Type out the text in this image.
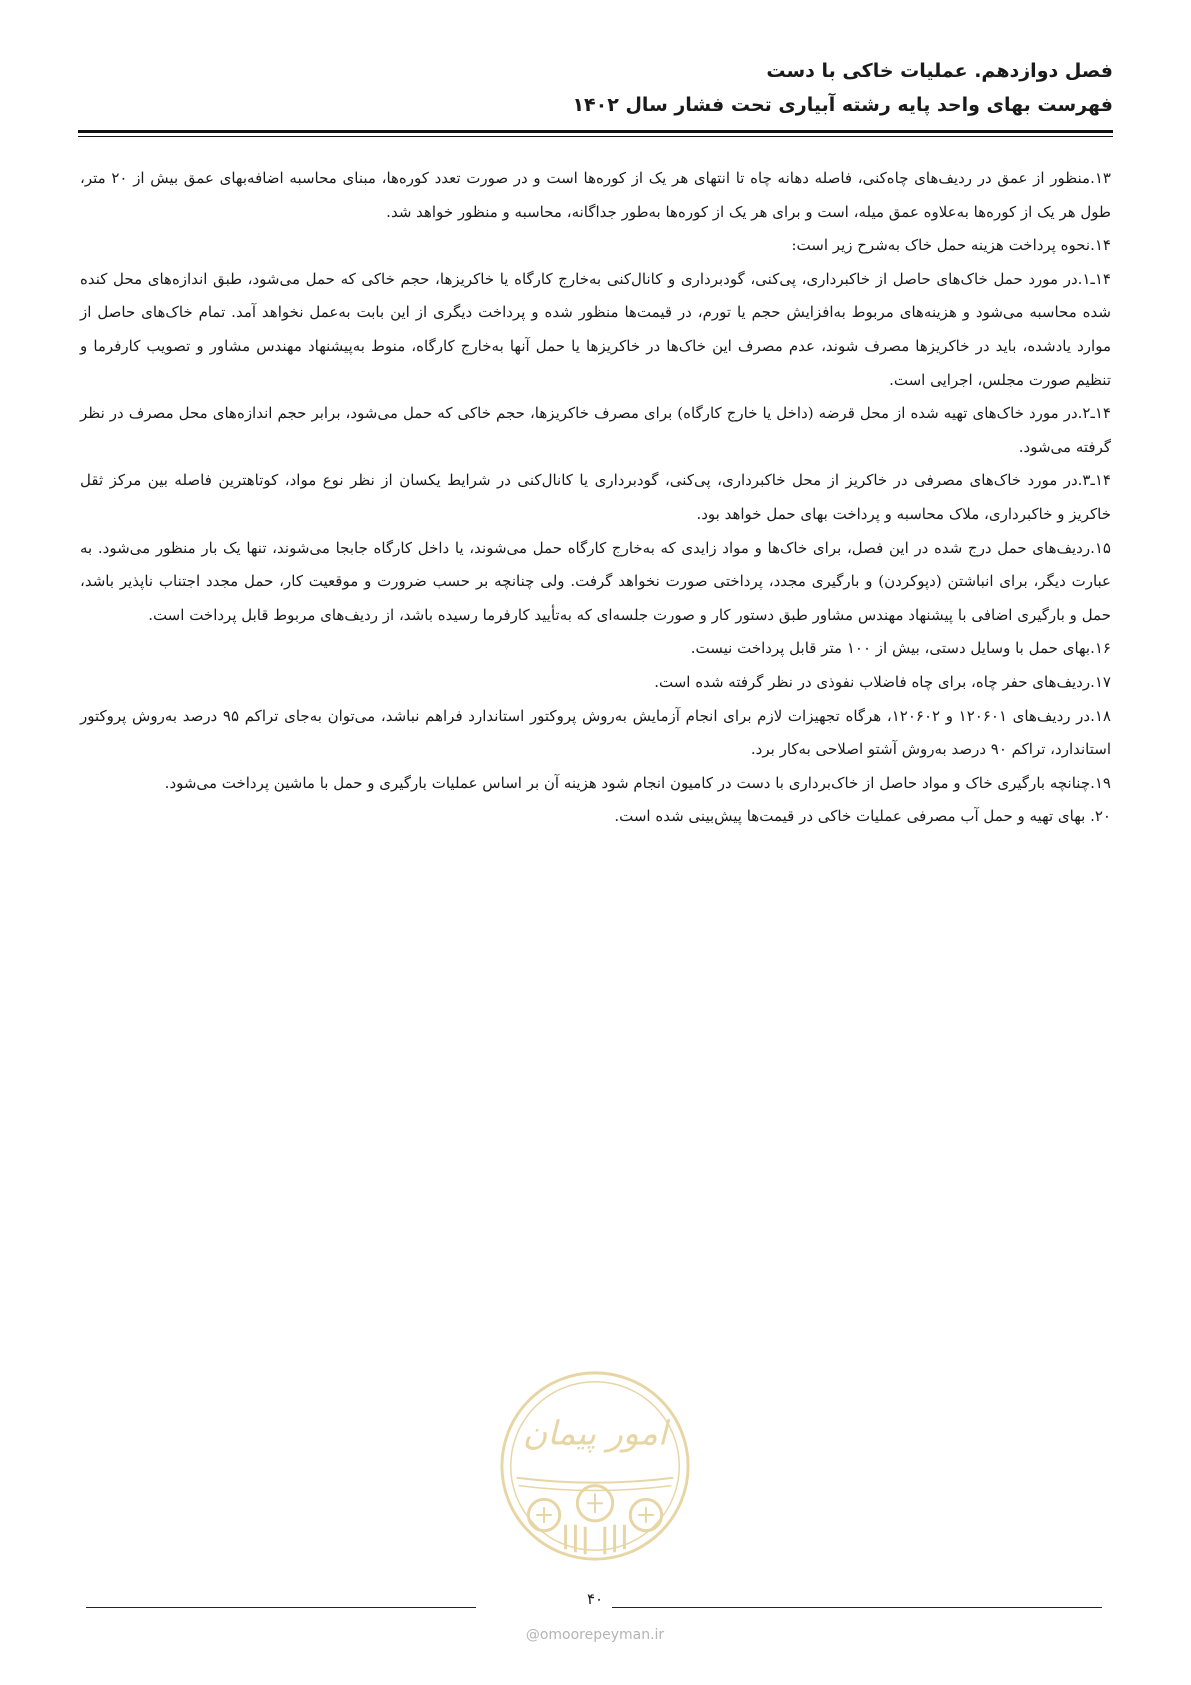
فصل دوازدهم. عملیات خاکی با دست
فهرست بهای واحد پایه رشته آبیاری تحت فشار سال ۱۴۰۲

۱۳.منظور از عمق در ردیف‌های چاه‌کنی، فاصله دهانه چاه تا انتهای هر یک از کوره‌ها است و در صورت تعدد کوره‌ها، مبنای محاسبه اضافه‌بهای عمق بیش از ۲۰ متر، طول هر یک از کوره‌ها به‌علاوه عمق میله، است و برای هر یک از کوره‌ها به‌طور جداگانه، محاسبه و منظور خواهد شد.

۱۴.نحوه پرداخت هزینه حمل خاک به‌شرح زیر است:

۱۴ـ۱.در مورد حمل خاک‌های حاصل از خاکبرداری، پی‌کنی، گودبرداری و کانال‌کنی به‌خارج کارگاه یا خاکریزها، حجم خاکی که حمل می‌شود، طبق اندازه‌های محل کنده شده محاسبه می‌شود و هزینه‌های مربوط به‌افزایش حجم یا تورم، در قیمت‌ها منظور شده و پرداخت دیگری از این بابت به‌عمل نخواهد آمد. تمام خاک‌های حاصل از موارد یادشده، باید در خاکریزها مصرف شوند، عدم مصرف این خاک‌ها در خاکریزها یا حمل آنها به‌خارج کارگاه، منوط به‌پیشنهاد مهندس مشاور و تصویب کارفرما و تنظیم صورت مجلس، اجرایی است.

۱۴ـ۲.در مورد خاک‌های تهیه شده از محل قرضه (داخل یا خارج کارگاه) برای مصرف خاکریزها، حجم خاکی که حمل می‌شود، برابر حجم اندازه‌های محل مصرف در نظر گرفته می‌شود.

۱۴ـ۳.در مورد خاک‌های مصرفی در خاکریز از محل خاکبرداری، پی‌کنی، گودبرداری یا کانال‌کنی در شرایط یکسان از نظر نوع مواد، کوتاهترین فاصله بین مرکز ثقل خاکریز و خاکبرداری، ملاک محاسبه و پرداخت بهای حمل خواهد بود.

۱۵.ردیف‌های حمل درج شده در این فصل، برای خاک‌ها و مواد زایدی که به‌خارج کارگاه حمل می‌شوند، یا داخل کارگاه جابجا می‌شوند، تنها یک بار منظور می‌شود. به عبارت دیگر، برای انباشتن (دپوکردن) و بارگیری مجدد، پرداختی صورت نخواهد گرفت. ولی چنانچه بر حسب ضرورت و موقعیت کار، حمل مجدد اجتناب ناپذیر باشد، حمل و بارگیری اضافی با پیشنهاد مهندس مشاور طبق دستور کار و صورت جلسه‌ای که به‌تأیید کارفرما رسیده باشد، از ردیف‌های مربوط قابل پرداخت است.

۱۶.بهای حمل با وسایل دستی، بیش از ۱۰۰ متر قابل پرداخت نیست.

۱۷.ردیف‌های حفر چاه، برای چاه فاضلاب نفوذی در نظر گرفته شده است.

۱۸.در ردیف‌های ۱۲۰۶۰۱ و ۱۲۰۶۰۲، هرگاه تجهیزات لازم برای انجام آزمایش به‌روش پروکتور استاندارد فراهم نباشد، می‌توان به‌جای تراکم ۹۵ درصد به‌روش پروکتور استاندارد، تراکم ۹۰ درصد به‌روش آشتو اصلاحی به‌کار برد.

۱۹.چنانچه بارگیری خاک و مواد حاصل از خاک‌برداری با دست در کامیون انجام شود هزینه آن بر اساس عملیات بارگیری و حمل با ماشین پرداخت می‌شود.

۲۰. بهای تهیه و حمل آب مصرفی عملیات خاکی در قیمت‌ها پیش‌بینی شده است.

امور پیمان
۴۰
@omoorepeyman.ir
